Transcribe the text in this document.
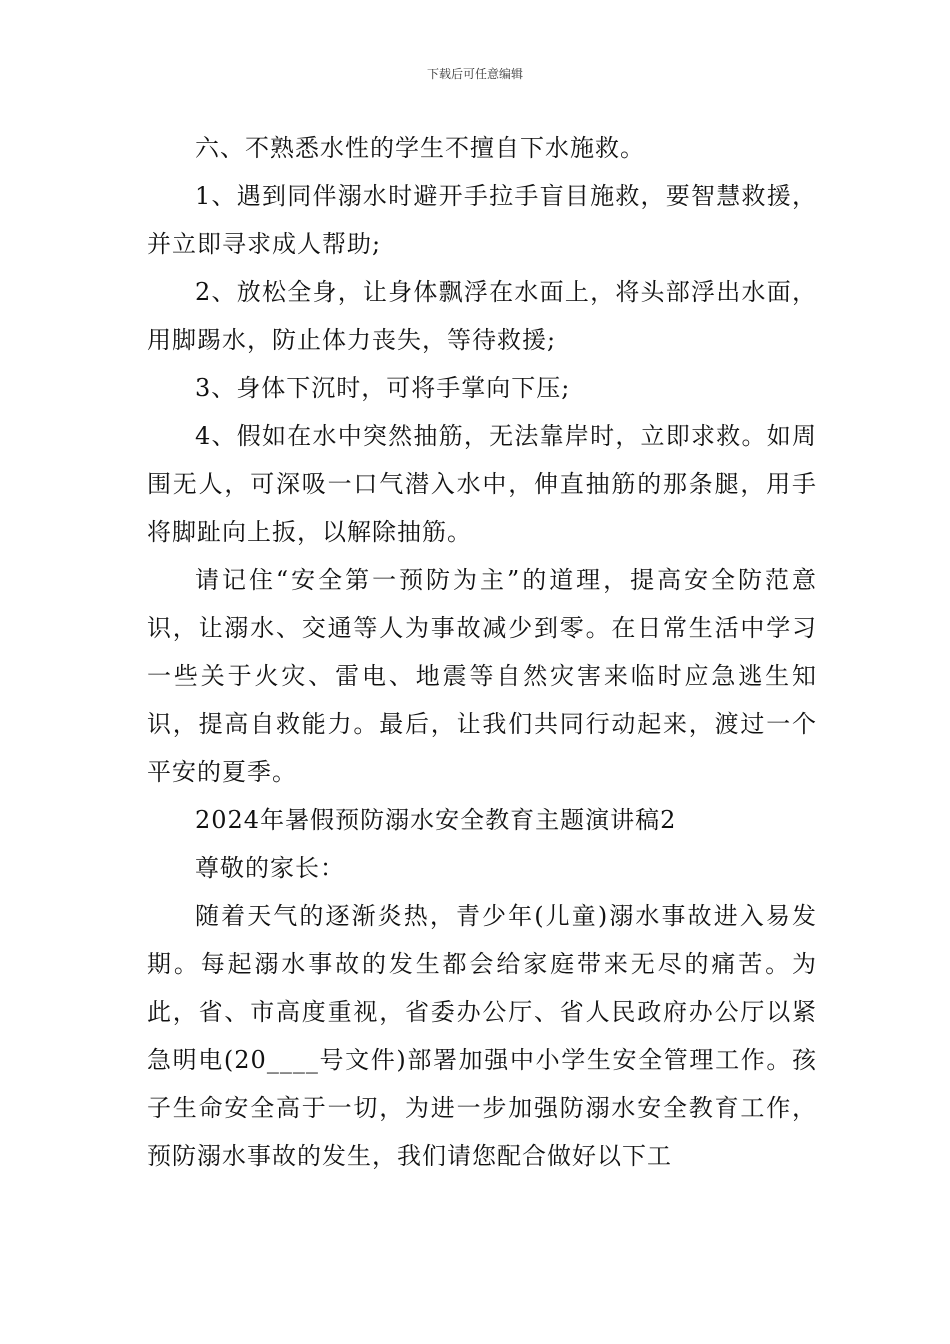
下载后可任意编辑

六、不熟悉水性的学生不擅自下水施救。

1、遇到同伴溺水时避开手拉手盲目施救，要智慧救援，并立即寻求成人帮助;

2、放松全身，让身体飘浮在水面上，将头部浮出水面，用脚踢水，防止体力丧失，等待救援;

3、身体下沉时，可将手掌向下压;

4、假如在水中突然抽筋，无法靠岸时，立即求救。如周围无人，可深吸一口气潜入水中，伸直抽筋的那条腿，用手将脚趾向上扳，以解除抽筋。

请记住“安全第一预防为主”的道理，提高安全防范意识，让溺水、交通等人为事故减少到零。在日常生活中学习一些关于火灾、雷电、地震等自然灾害来临时应急逃生知识，提高自救能力。最后，让我们共同行动起来，渡过一个平安的夏季。

2024年暑假预防溺水安全教育主题演讲稿2

尊敬的家长：

随着天气的逐渐炎热，青少年(儿童)溺水事故进入易发期。每起溺水事故的发生都会给家庭带来无尽的痛苦。为此，省、市高度重视，省委办公厅、省人民政府办公厅以紧急明电(20____号文件)部署加强中小学生安全管理工作。孩子生命安全高于一切，为进一步加强防溺水安全教育工作，预防溺水事故的发生，我们请您配合做好以下工
